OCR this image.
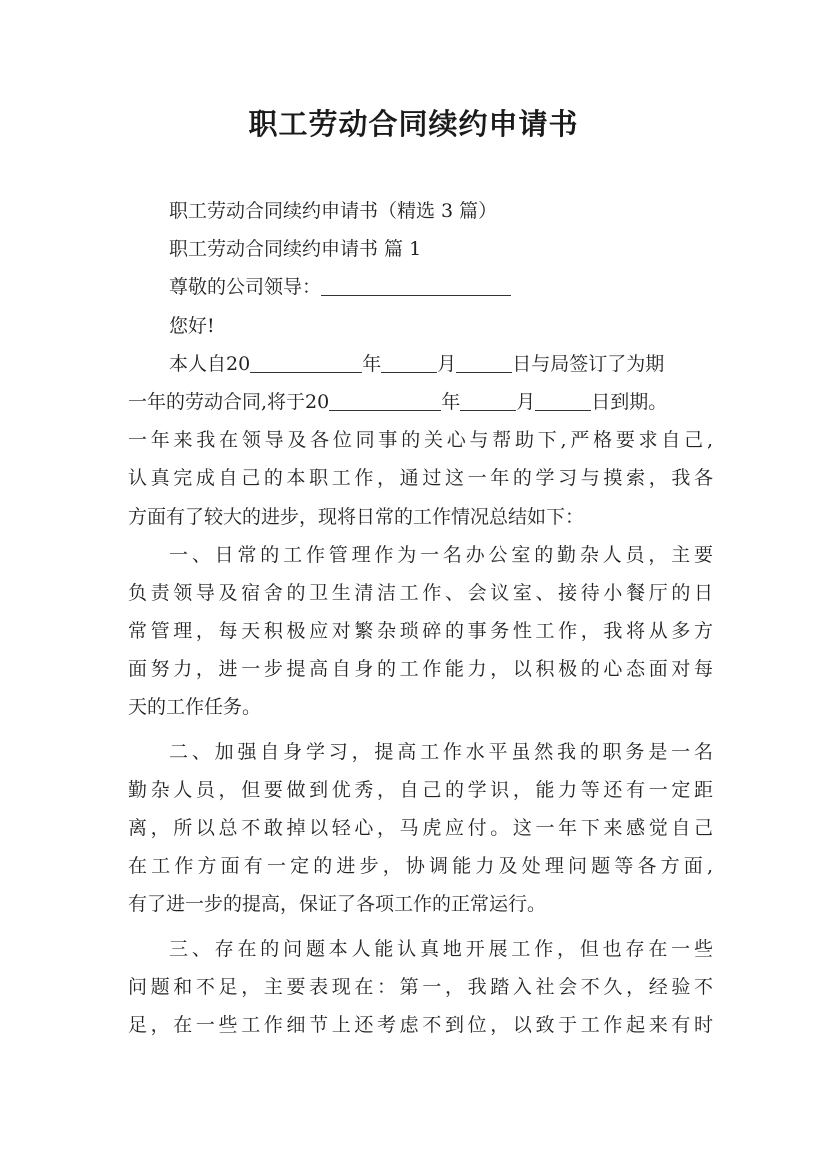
职工劳动合同续约申请书
职工劳动合同续约申请书（精选 3 篇）
职工劳动合同续约申请书 篇 1
尊敬的公司领导：
您好!
本人自20	年	月	日与局签订了为期
一年的劳动合同,将于20	年	月	日到期。
一年来我在领导及各位同事的关心与帮助下,严格要求自己,
认真完成自己的本职工作，通过这一年的学习与摸索，我各
方面有了较大的进步，现将日常的工作情况总结如下：
一、日常的工作管理作为一名办公室的勤杂人员，主要
负责领导及宿舍的卫生清洁工作、会议室、接待小餐厅的日
常管理，每天积极应对繁杂琐碎的事务性工作，我将从多方
面努力，进一步提高自身的工作能力，以积极的心态面对每
天的工作任务。
二、加强自身学习，提高工作水平虽然我的职务是一名
勤杂人员，但要做到优秀，自己的学识，能力等还有一定距
离，所以总不敢掉以轻心，马虎应付。这一年下来感觉自己
在工作方面有一定的进步，协调能力及处理问题等各方面,
有了进一步的提高，保证了各项工作的正常运行。
三、存在的问题本人能认真地开展工作，但也存在一些
问题和不足，主要表现在：第一，我踏入社会不久，经验不
足，在一些工作细节上还考虑不到位，以致于工作起来有时
